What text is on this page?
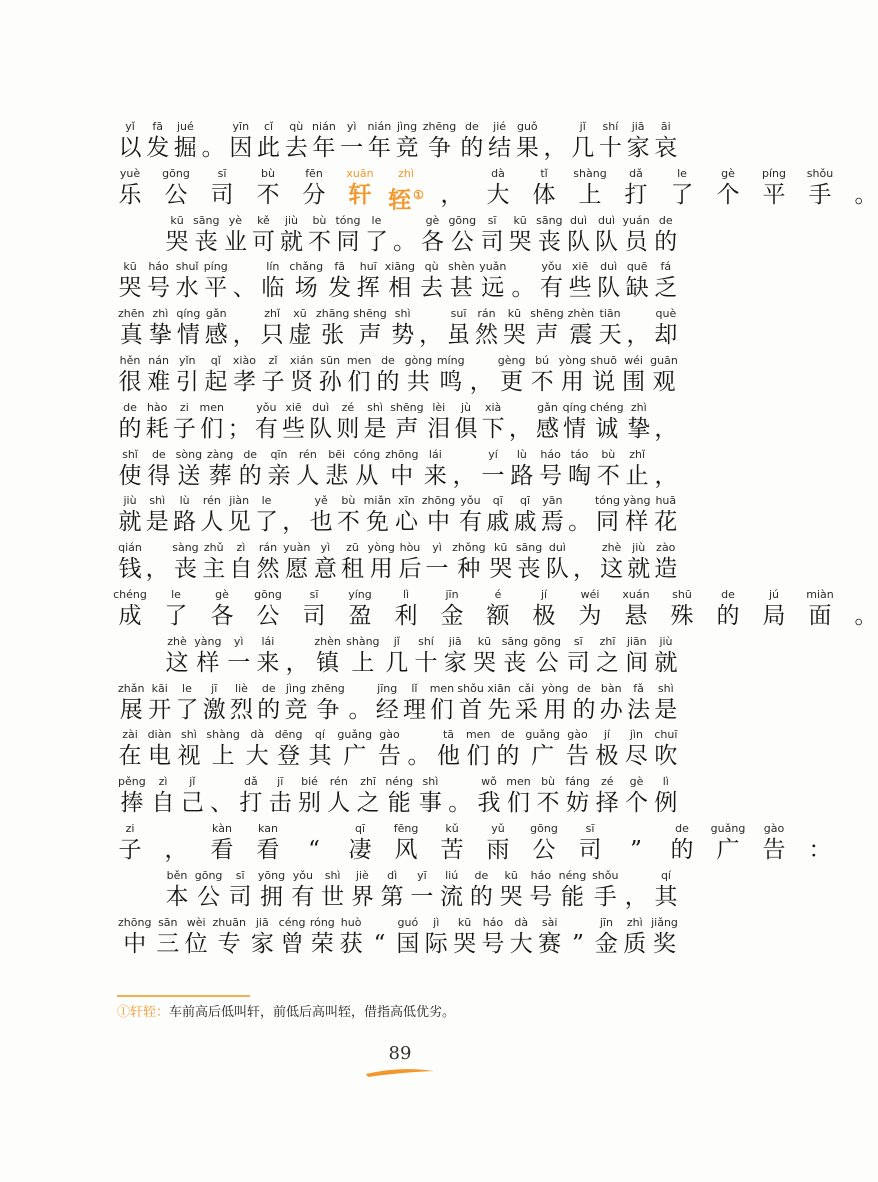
yǐ
以
fā
发
jué
掘 。
yīn
因
cǐ
此
qù
去
nián
年
yì
一
nián
年
jìng
竞
zhēng
争
de
的
jié
结
guǒ
果 ，
jǐ
几
shí
十
jiā
家
āi
哀
yuè
乐
gōng
公
sī
司
bù
不
fēn
分
xuān
轩
zhì
轾 ① ，
dà
大
tǐ
体
shàng
上
dǎ
打
le
了
gè
个
píng
平
shǒu
手 。
kū
哭
sāng
丧
yè
业
kě
可
jiù
就
bù
不
tóng
同
le
了 。
gè
各
gōng
公
sī
司
kū
哭
sāng
丧
duì
队
duì
队
yuán
员
de
的
kū
哭
háo
号
shuǐ
水
píng
平 、
lín
临
chǎng
场
fā
发
huī
挥
xiāng
相
qù
去
shèn
甚
yuǎn
远 。
yǒu
有
xiē
些
duì
队
quē
缺
fá
乏
zhēn
真
zhì
挚
qíng
情
gǎn
感 ，
zhǐ
只
xū
虚
zhāng
张
shēng
声
shì
势 ，
suī
虽
rán
然
kū
哭
shēng
声
zhèn
震
tiān
天 ，
què
却
hěn
很
nán
难
yǐn
引
qǐ
起
xiào
孝
zǐ
子
xián
贤
sūn
孙
men
们
de
的
gòng
共
míng
鸣 ，
gèng
更
bú
不
yòng
用
shuō
说
wéi
围
guān
观
de
的
hào
耗
zi
子
men
们 ；
yǒu
有
xiē
些
duì
队
zé
则
shì
是
shēng
声
lèi
泪
jù
俱
xià
下 ，
gǎn
感
qíng
情
chéng
诚
zhì
挚 ，
shǐ
使
de
得
sòng
送
zàng
葬
de
的
qīn
亲
rén
人
bēi
悲
cóng
从
zhōng
中
lái
来 ，
yí
一
lù
路
háo
号
táo
啕
bù
不
zhǐ
止 ，
jiù
就
shì
是
lù
路
rén
人
jiàn
见
le
了 ，
yě
也
bù
不
miǎn
免
xīn
心
zhōng
中
yǒu
有
qī
戚
qī
戚
yān
焉 。
tóng
同
yàng
样
huā
花
qián
钱 ，
sàng
丧
zhǔ
主
zì
自
rán
然
yuàn
愿
yì
意
zū
租
yòng
用
hòu
后
yì
一
zhǒng
种
kū
哭
sāng
丧
duì
队 ，
zhè
这
jiù
就
zào
造
chéng
成
le
了
gè
各
gōng
公
sī
司
yíng
盈
lì
利
jīn
金
é
额
jí
极
wéi
为
xuán
悬
shū
殊
de
的
jú
局
miàn
面 。
zhè
这
yàng
样
yì
一
lái
来 ，
zhèn
镇
shàng
上
jǐ
几
shí
十
jiā
家
kū
哭
sāng
丧
gōng
公
sī
司
zhī
之
jiān
间
jiù
就
zhǎn
展
kāi
开
le
了
jī
激
liè
烈
de
的
jìng
竞
zhēng
争 。
jīng
经
lǐ
理
men
们
shǒu
首
xiān
先
cǎi
采
yòng
用
de
的
bàn
办
fǎ
法
shì
是
zài
在
diàn
电
shì
视
shàng
上
dà
大
dēng
登
qí
其
guǎng
广
gào
告 。
tā
他
men
们
de
的
guǎng
广
gào
告
jí
极
jìn
尽
chuī
吹
pěng
捧
zì
自
jǐ
己 、
dǎ
打
jī
击
bié
别
rén
人
zhī
之
néng
能
shì
事 。
wǒ
我
men
们
bù
不
fáng
妨
zé
择
gè
个
lì
例
zi
子 ，
kàn
看
kan
看 “
qī
凄
fēng
风
kǔ
苦
yǔ
雨
gōng
公
sī
司 ”
de
的
guǎng
广
gào
告 ：
běn
本
gōng
公
sī
司
yōng
拥
yǒu
有
shì
世
jiè
界
dì
第
yī
一
liú
流
de
的
kū
哭
háo
号
néng
能
shǒu
手 ，
qí
其
zhōng
中
sān
三
wèi
位
zhuān
专
jiā
家
céng
曾
róng
荣
huò
获 “
guó
国
jì
际
kū
哭
háo
号
dà
大
sài
赛 ”
jīn
金
zhì
质
jiǎng
奖
①轩轾：车前高后低叫轩，前低后高叫轾，借指高低优劣。
89
